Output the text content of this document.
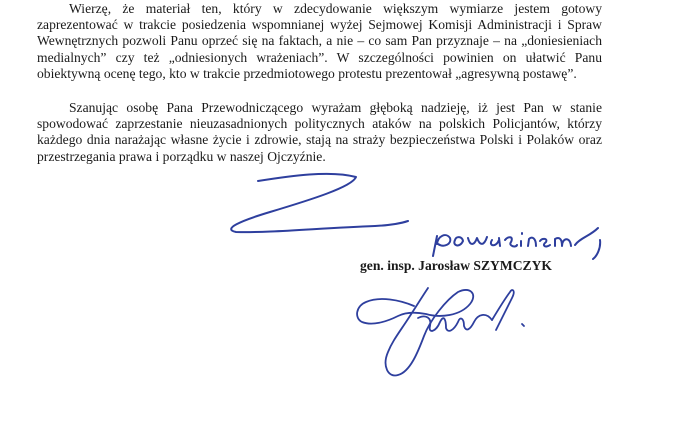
Wierzę, że materiał ten, który w zdecydowanie większym wymiarze jestem gotowy
zaprezentować w trakcie posiedzenia wspomnianej wyżej Sejmowej Komisji Administracji i Spraw
Wewnętrznych pozwoli Panu oprzeć się na faktach, a nie – co sam Pan przyznaje – na „doniesieniach
medialnych” czy też „odniesionych wrażeniach”. W szczególności powinien on ułatwić Panu
obiektywną ocenę tego, kto w trakcie przedmiotowego protestu prezentował „agresywną postawę”.
Szanując osobę Pana Przewodniczącego wyrażam głęboką nadzieję, iż jest Pan w stanie
spowodować zaprzestanie nieuzasadnionych politycznych ataków na polskich Policjantów, którzy
każdego dnia narażając własne życie i zdrowie, stają na straży bezpieczeństwa Polski i Polaków oraz
przestrzegania prawa i porządku w naszej Ojczyźnie.
gen. insp. Jarosław SZYMCZYK
